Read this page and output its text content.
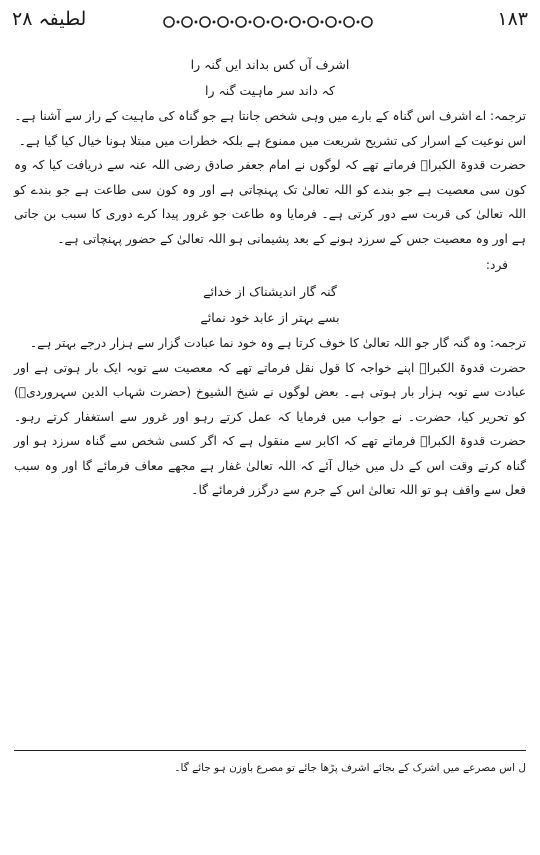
۱۸۳
لطیفہ ۲۸
اشرف آں کس بداند ایں گنہ را
کہ داند سر ماہیت گنہ را

ترجمہ: اے اشرف اس گناہ کے بارے میں وہی شخص جانتا ہے جو گناہ کی ماہیت کے راز سے آشنا ہے۔

اس نوعیت کے اسرار کی تشریح شریعت میں ممنوع ہے بلکہ خطرات میں مبتلا ہونا خیال کیا گیا ہے۔

حضرت قدوۃ الکبراؒ فرماتے تھے کہ لوگوں نے امام جعفر صادق رضی اللہ عنہ سے دریافت کیا کہ وہ کون سی معصیت ہے جو بندے کو اللہ تعالیٰ تک پہنچاتی ہے اور وہ کون سی طاعت ہے جو بندے کو اللہ تعالیٰ کی قربت سے دور کرتی ہے۔ فرمایا وہ طاعت جو غرور پیدا کرے دوری کا سبب بن جاتی ہے اور وہ معصیت جس کے سرزد ہونے کے بعد پشیمانی ہو اللہ تعالیٰ کے حضور پہنچاتی ہے۔

فرد:
گنہ گار اندیشناک از خدائے
بسے بہتر از عابد خود نمائے

ترجمہ: وہ گنہ گار جو اللہ تعالیٰ کا خوف کرتا ہے وہ خود نما عبادت گزار سے ہزار درجے بہتر ہے۔

حضرت قدوۃ الکبراؒ اپنے خواجہ کا قول نقل فرماتے تھے کہ معصیت سے توبہ ایک بار ہوتی ہے اور عبادت سے توبہ ہزار بار ہوتی ہے۔ بعض لوگوں نے شیخ الشیوخ (حضرت شہاب الدین سہروردیؒ) کو تحریر کیا، حضرت۔ نے جواب میں فرمایا کہ عمل کرتے رہو اور غرور سے استغفار کرتے رہو۔ حضرت قدوۃ الکبراؒ فرماتے تھے کہ اکابر سے منقول ہے کہ اگر کسی شخص سے گناہ سرزد ہو اور گناہ کرتے وقت اس کے دل میں خیال آئے کہ اللہ تعالیٰ غفار ہے مجھے معاف فرمائے گا اور وہ سبب فعل سے واقف ہو تو اللہ تعالیٰ اس کے جرم سے درگزر فرمائے گا۔

ل اس مصرعے میں اشرک کے بجائے اشرف پڑھا جائے تو مصرع باوزن ہو جائے گا۔
